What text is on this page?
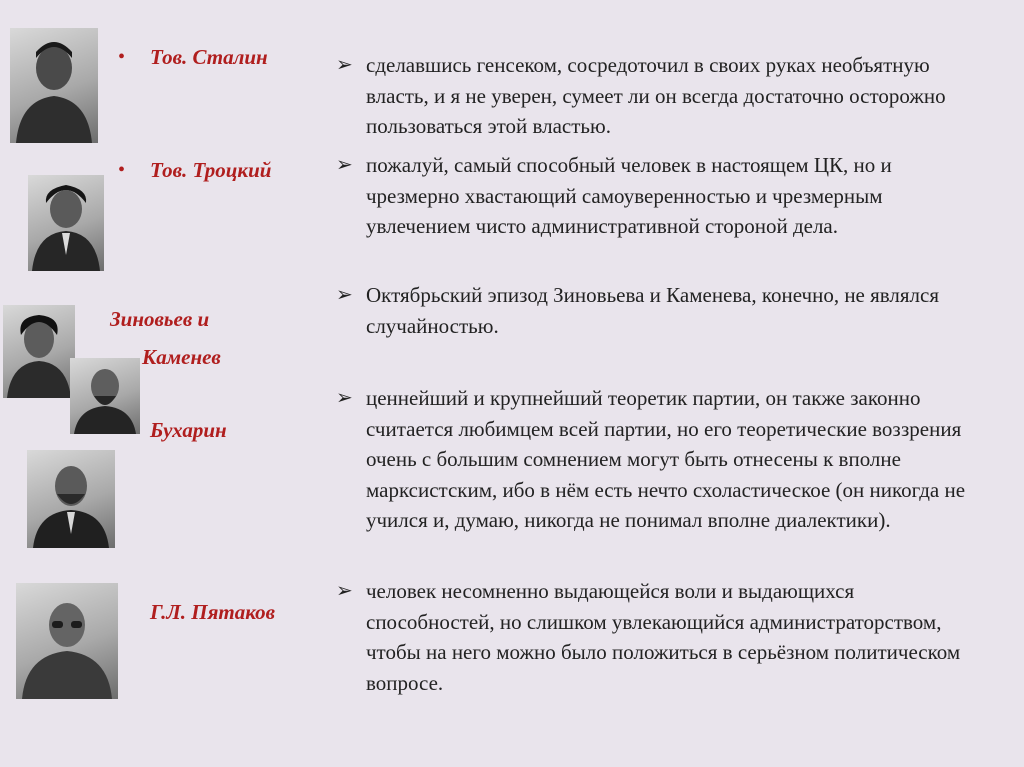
• Тов. Сталин
• Тов. Троцкий
Зиновьев и
Каменев
Бухарин
Г.Л. Пятаков
➢ сделавшись генсеком, сосредоточил в своих руках необъятную власть, и я не уверен, сумеет ли он всегда достаточно осторожно пользоваться этой властью.
➢ пожалуй, самый способный человек в настоящем ЦК, но и чрезмерно хвастающий самоуверенностью и чрезмерным увлечением чисто административной стороной дела.
➢ Октябрьский эпизод Зиновьева и Каменева, конечно, не являлся случайностью.
➢ ценнейший и крупнейший теоретик партии, он также законно считается любимцем всей партии, но его теоретические воззрения очень с большим сомнением могут быть отнесены к вполне марксистским, ибо в нём есть нечто схоластическое (он никогда не учился и, думаю, никогда не понимал вполне диалектики).
➢ человек несомненно выдающейся воли и выдающихся способностей, но слишком увлекающийся администраторством, чтобы на него можно было положиться в серьёзном политическом вопросе.
